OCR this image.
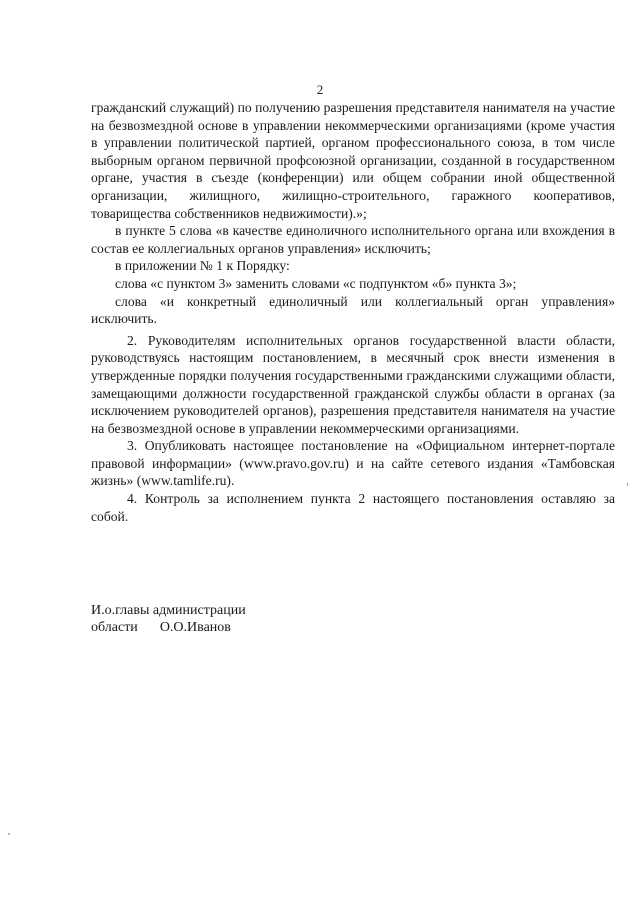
2

гражданский служащий) по получению разрешения представителя нанимателя на участие на безвозмездной основе в управлении некоммерческими организациями (кроме участия в управлении политической партией, органом профессионального союза, в том числе выборным органом первичной профсоюзной организации, созданной в государственном органе, участия в съезде (конференции) или общем собрании иной общественной организации, жилищного, жилищно-строительного, гаражного кооперативов, товарищества собственников недвижимости).»;

в пункте 5 слова «в качестве единоличного исполнительного органа или вхождения в состав ее коллегиальных органов управления» исключить;

в приложении № 1 к Порядку:

слова «с пунктом 3» заменить словами «с подпунктом «б» пункта 3»;

слова «и конкретный единоличный или коллегиальный орган управления» исключить.

2. Руководителям исполнительных органов государственной власти области, руководствуясь настоящим постановлением, в месячный срок внести изменения в утвержденные порядки получения государственными гражданскими служащими области, замещающими должности государственной гражданской службы области в органах (за исключением руководителей органов), разрешения представителя нанимателя на участие на безвозмездной основе в управлении некоммерческими организациями.

3. Опубликовать настоящее постановление на «Официальном интернет-портале правовой информации» (www.pravo.gov.ru) и на сайте сетевого издания «Тамбовская жизнь» (www.tamlife.ru).

4. Контроль за исполнением пункта 2 настоящего постановления оставляю за собой.

И.о.главы администрации
области О.О.Иванов
